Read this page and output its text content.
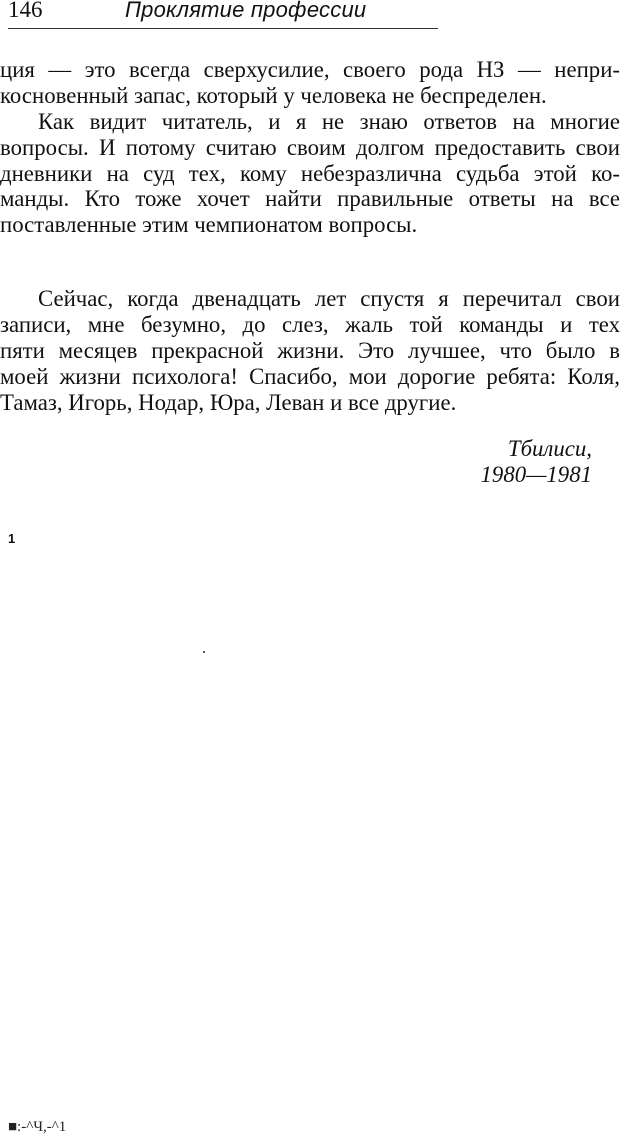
146	Проклятие профессии
ция — это всегда сверхусилие, своего рода НЗ — непри-
косновенный запас, который у человека не беспределен.
Как видит читатель, и я не знаю ответов на многие
вопросы. И потому считаю своим долгом предоставить свои
дневники на суд тех, кому небезразлична судьба этой ко-
манды. Кто тоже хочет найти правильные ответы на все
поставленные этим чемпионатом вопросы.
Сейчас, когда двенадцать лет спустя я перечитал свои
записи, мне безумно, до слез, жаль той команды и тех
пяти месяцев прекрасной жизни. Это лучшее, что было в
моей жизни психолога! Спасибо, мои дорогие ребята: Коля,
Тамаз, Игорь, Нодар, Юра, Леван и все другие.
Тбилиси,
1980—1981
1
■:-^Ч,-^1
